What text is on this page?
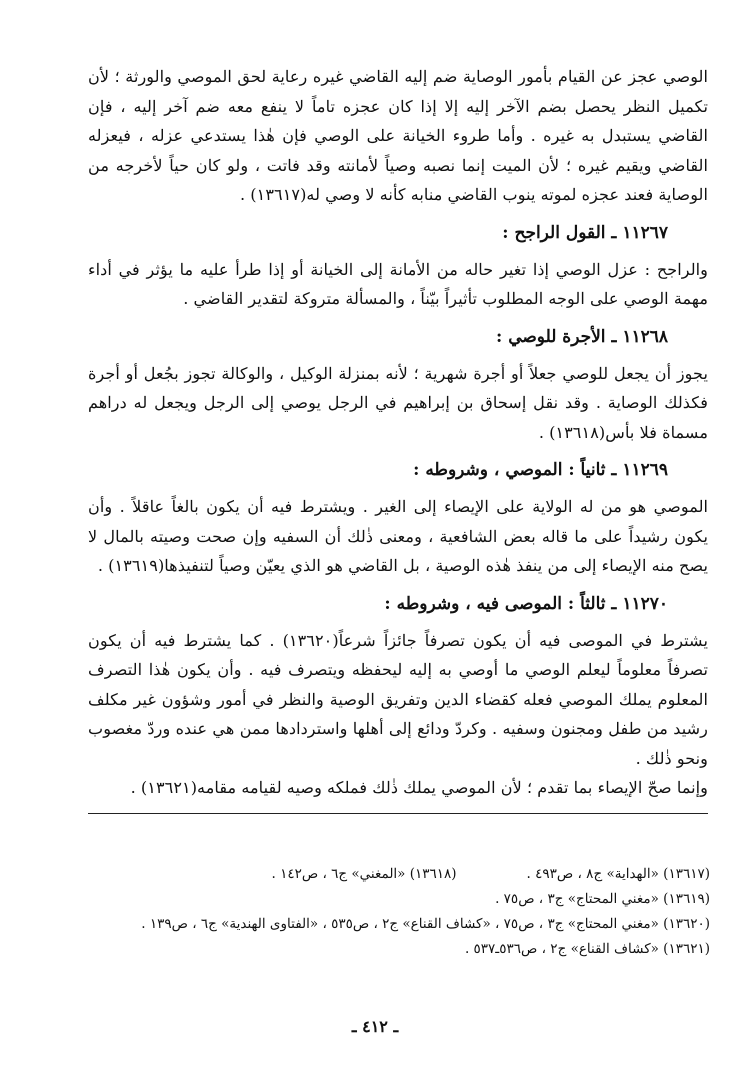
الوصي عجز عن القيام بأمور الوصاية ضم إليه القاضي غيره رعاية لحق الموصي والورثة ؛ لأن تكميل النظر يحصل بضم الآخر إليه إلا إذا كان عجزه تاماً لا ينفع معه ضم آخر إليه ، فإن القاضي يستبدل به غيره . وأما طروء الخيانة على الوصي فإن هٰذا يستدعي عزله ، فيعزله القاضي ويقيم غيره ؛ لأن الميت إنما نصبه وصياً لأمانته وقد فاتت ، ولو كان حياً لأخرجه من الوصاية فعند عجزه لموته ينوب القاضي منابه كأنه لا وصي له(١٣٦١٧) .

١١٢٦٧ ـ القول الراجح :

والراجح : عزل الوصي إذا تغير حاله من الأمانة إلى الخيانة أو إذا طرأ عليه ما يؤثر في أداء مهمة الوصي على الوجه المطلوب تأثيراً بيّناً ، والمسألة متروكة لتقدير القاضي .

١١٢٦٨ ـ الأجرة للوصي :

يجوز أن يجعل للوصي جعلاً أو أجرة شهرية ؛ لأنه بمنزلة الوكيل ، والوكالة تجوز بجُعل أو أجرة فكذلك الوصاية . وقد نقل إسحاق بن إبراهيم في الرجل يوصي إلى الرجل ويجعل له دراهم مسماة فلا بأس(١٣٦١٨) .

١١٢٦٩ ـ ثانياً : الموصي ، وشروطه :

الموصي هو من له الولاية على الإيصاء إلى الغير . ويشترط فيه أن يكون بالغاً عاقلاً . وأن يكون رشيداً على ما قاله بعض الشافعية ، ومعنى ذٰلك أن السفيه وإن صحت وصيته بالمال لا يصح منه الإيصاء إلى من ينفذ هٰذه الوصية ، بل القاضي هو الذي يعيّن وصياً لتنفيذها(١٣٦١٩) .

١١٢٧٠ ـ ثالثاً : الموصى فيه ، وشروطه :

يشترط في الموصى فيه أن يكون تصرفاً جائزاً شرعاً(١٣٦٢٠) . كما يشترط فيه أن يكون تصرفاً معلوماً ليعلم الوصي ما أوصي به إليه ليحفظه ويتصرف فيه . وأن يكون هٰذا التصرف المعلوم يملك الموصي فعله كقضاء الدين وتفريق الوصية والنظر في أمور وشؤون غير مكلف رشيد من طفل ومجنون وسفيه . وكردّ ودائع إلى أهلها واستردادها ممن هي عنده وردّ مغصوب ونحو ذٰلك .

وإنما صحّ الإيصاء بما تقدم ؛ لأن الموصي يملك ذٰلك فملكه وصيه لقيامه مقامه(١٣٦٢١) .

(١٣٦١٧) «الهداية» ج٨ ، ص٤٩٣ .
(١٣٦١٨) «المغني» ج٦ ، ص١٤٢ .
(١٣٦١٩) «مغني المحتاج» ج٣ ، ص٧٥ .
(١٣٦٢٠) «مغني المحتاج» ج٣ ، ص٧٥ ، «كشاف القناع» ج٢ ، ص٥٣٥ ، «الفتاوى الهندية» ج٦ ، ص١٣٩ .
(١٣٦٢١) «كشاف القناع» ج٢ ، ص٥٣٦ـ٥٣٧ .
ـ ٤١٢ ـ
